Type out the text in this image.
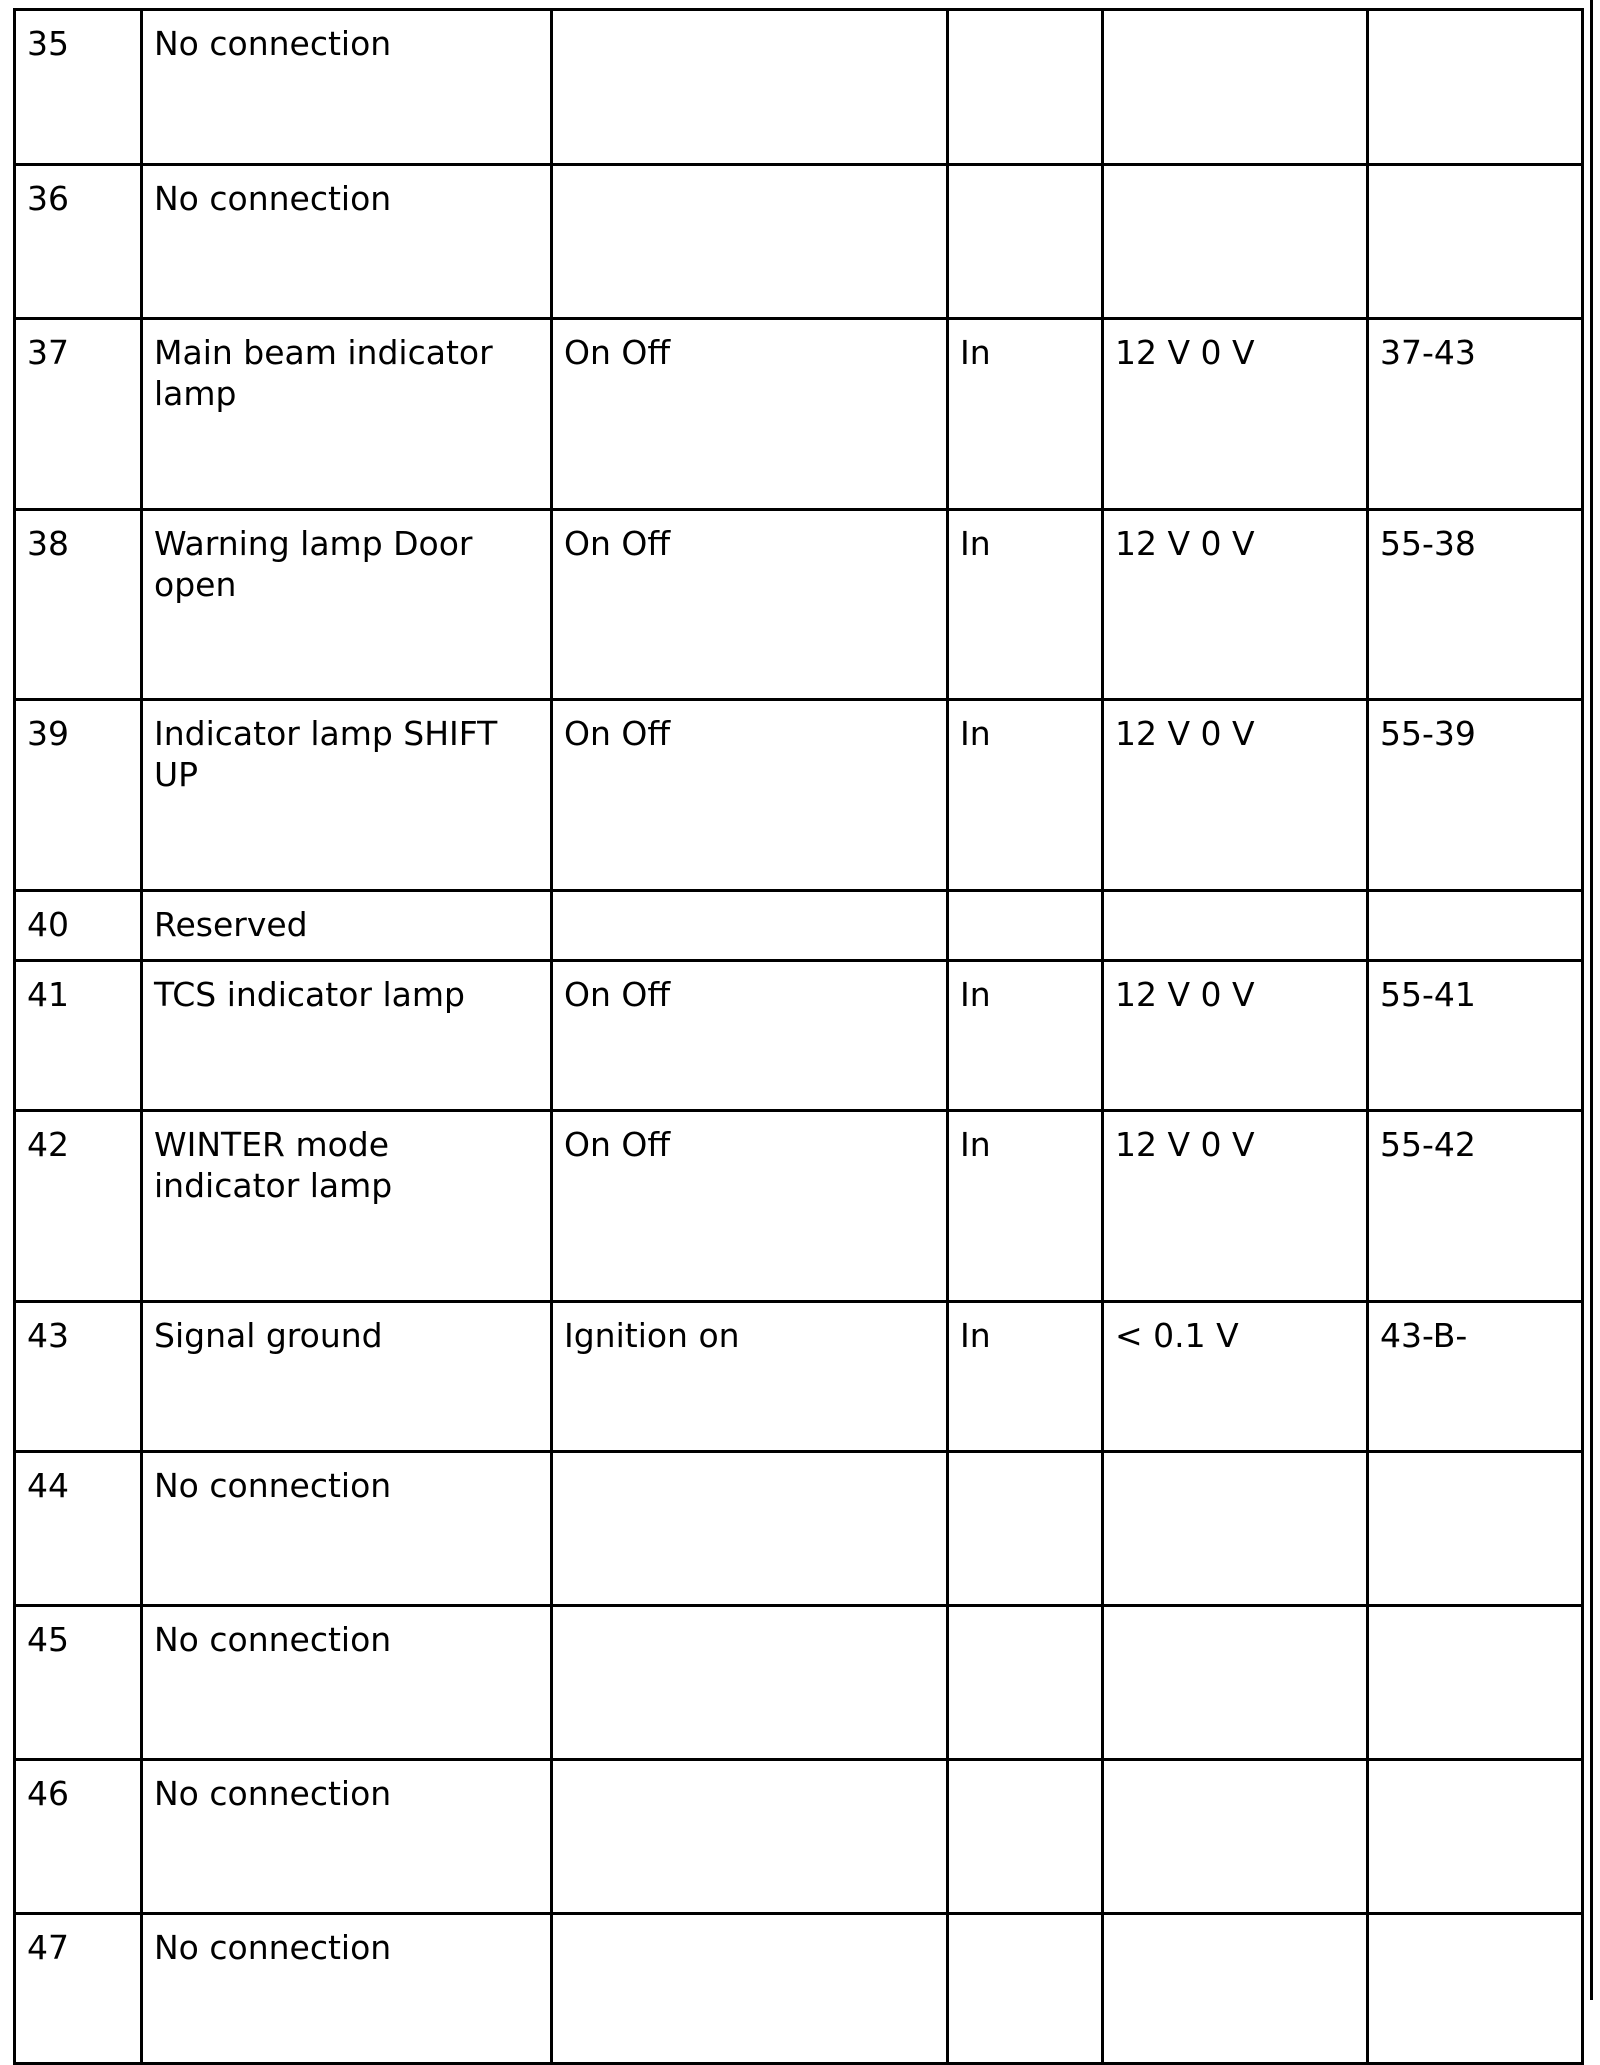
35	No connection				
36	No connection				
37	Main beam indicator lamp	On Off	In	12 V 0 V	37-43
38	Warning lamp Door open	On Off	In	12 V 0 V	55-38
39	Indicator lamp SHIFT UP	On Off	In	12 V 0 V	55-39
40	Reserved				
41	TCS indicator lamp	On Off	In	12 V 0 V	55-41
42	WINTER mode indicator lamp	On Off	In	12 V 0 V	55-42
43	Signal ground	Ignition on	In	< 0.1 V	43-B-
44	No connection				
45	No connection				
46	No connection				
47	No connection				
